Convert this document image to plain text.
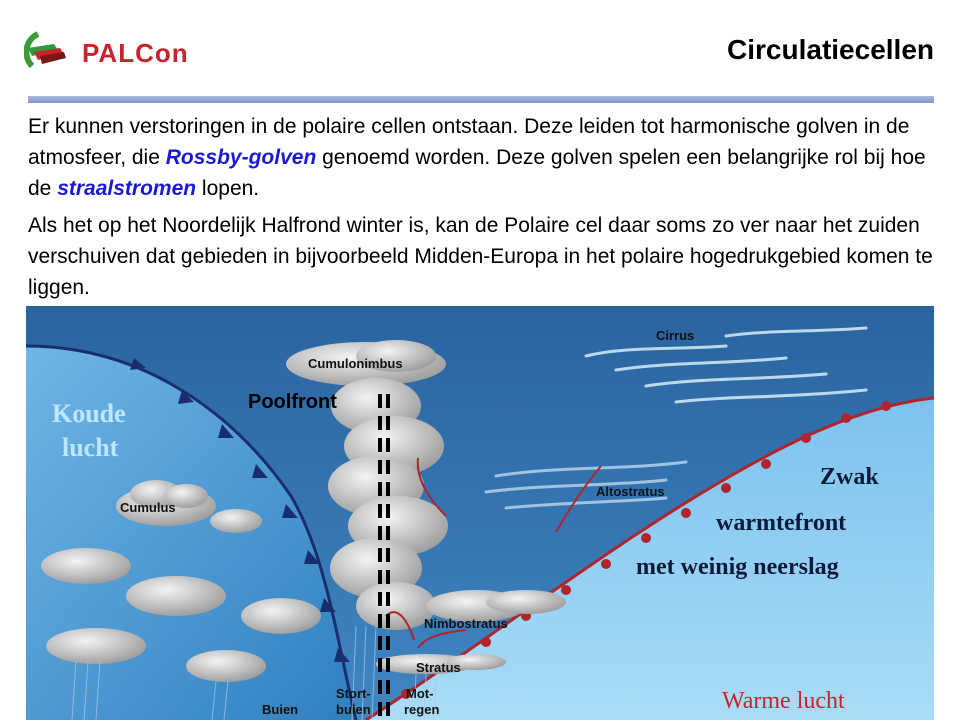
PALCon	Circulatiecellen

Er kunnen verstoringen in de polaire cellen ontstaan. Deze leiden tot harmonische golven in de atmosfeer, die Rossby-golven genoemd worden. Deze golven spelen een belangrijke rol bij hoe de straalstromen lopen.

Als het op het Noordelijk Halfrond winter is, kan de Polaire cel daar soms zo ver naar het zuiden verschuiven dat gebieden in bijvoorbeeld Midden-Europa in het polaire hogedrukgebied komen te liggen.

Koude
lucht
Cumulonimbus
Cirrus
Altostratus
Cumulus
Nimbostratus
Stratus
Buien
Stort-
buien
Mot-
regen
Poolfront
Zwak
warmtefront
met weinig neerslag
Warme lucht
